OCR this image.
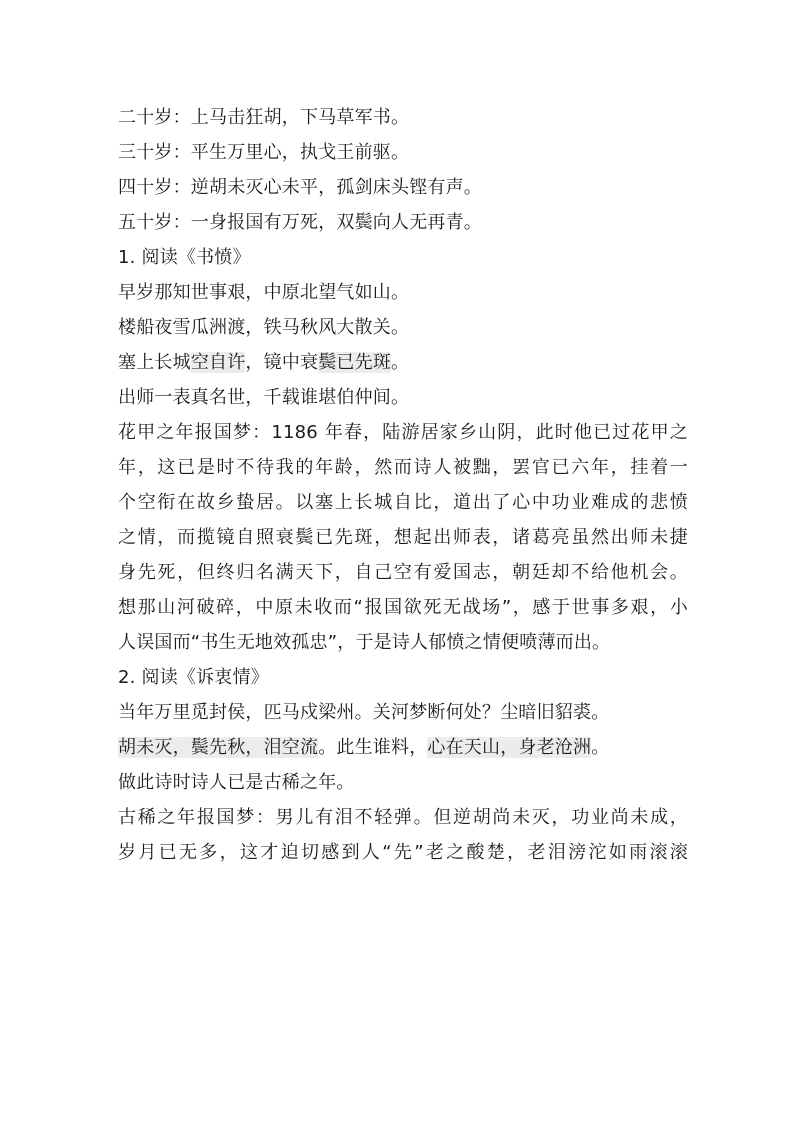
二十岁：上马击狂胡，下马草军书。
三十岁：平生万里心，执戈王前驱。
四十岁：逆胡未灭心未平，孤剑床头铿有声。
五十岁：一身报国有万死，双鬓向人无再青。
1. 阅读《书愤》
早岁那知世事艰，中原北望气如山。
楼船夜雪瓜洲渡，铁马秋风大散关。
塞上长城空自许，镜中衰鬓已先斑。
出师一表真名世，千载谁堪伯仲间。
花甲之年报国梦：1186 年春，陆游居家乡山阴，此时他已过花甲之
年，这已是时不待我的年龄，然而诗人被黜，罢官已六年，挂着一
个空衔在故乡蛰居。以塞上长城自比，道出了心中功业难成的悲愤
之情，而揽镜自照衰鬓已先斑，想起出师表，诸葛亮虽然出师未捷
身先死，但终归名满天下，自己空有爱国志，朝廷却不给他机会。
想那山河破碎，中原未收而“报国欲死无战场”，感于世事多艰，小
人误国而“书生无地效孤忠”，于是诗人郁愤之情便喷薄而出。
2. 阅读《诉衷情》
当年万里觅封侯，匹马戍梁州。关河梦断何处？尘暗旧貂裘。
胡未灭，鬓先秋，泪空流。此生谁料，心在天山，身老沧洲。
做此诗时诗人已是古稀之年。
古稀之年报国梦：男儿有泪不轻弹。但逆胡尚未灭，功业尚未成，
岁月已无多，这才迫切感到人“先”老之酸楚，老泪滂沱如雨滚滚
